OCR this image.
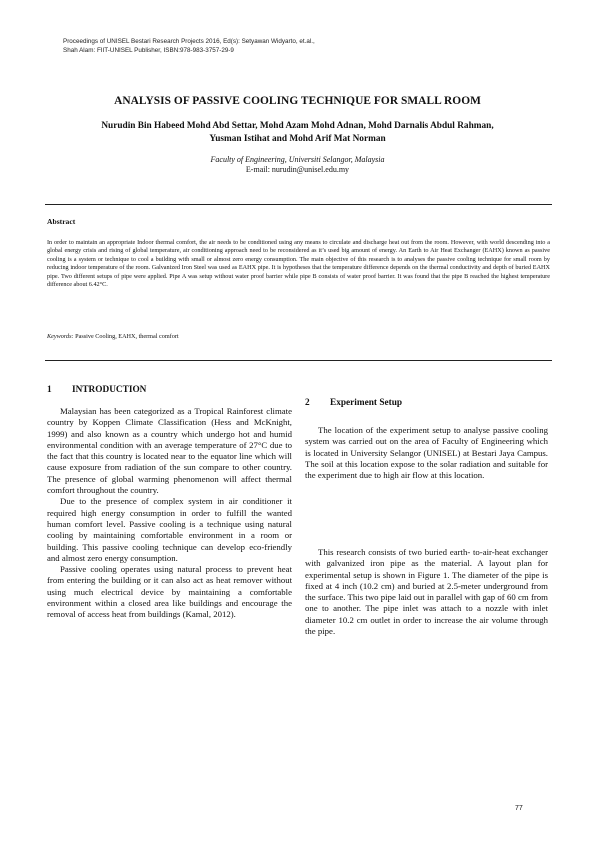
Proceedings of UNISEL Bestari Research Projects 2016, Ed(s): Setyawan Widyarto, et.al.,
Shah Alam: FIIT-UNISEL Publisher, ISBN:978-983-3757-29-9
ANALYSIS OF PASSIVE COOLING TECHNIQUE FOR SMALL ROOM
Nurudin Bin Habeed Mohd Abd Settar, Mohd Azam Mohd Adnan, Mohd Darnalis Abdul Rahman, Yusman Istihat and Mohd Arif Mat Norman
Faculty of Engineering, Universiti Selangor, Malaysia
E-mail: nurudin@unisel.edu.my
Abstract
In order to maintain an appropriate Indoor thermal comfort, the air needs to be conditioned using any means to circulate and discharge heat out from the room. However, with world descending into a global energy crisis and rising of global temperature, air conditioning approach need to be reconsidered as it’s used big amount of energy. An Earth to Air Heat Exchanger (EAHX) known as passive cooling is a system or technique to cool a building with small or almost zero energy consumption. The main objective of this research is to analyses the passive cooling technique for small room by reducing indoor temperature of the room. Galvanized Iron Steel was used as EAHX pipe. It is hypotheses that the temperature difference depends on the thermal conductivity and depth of buried EAHX pipe. Two different setups of pipe were applied. Pipe A was setup without water proof barrier while pipe B consists of water proof barrier. It was found that the pipe B reached the highest temperature difference about 6.42°C.
Keywords: Passive Cooling, EAHX, thermal comfort
1 INTRODUCTION

Malaysian has been categorized as a Tropical Rainforest climate country by Koppen Climate Classification (Hess and McKnight, 1999) and also known as a country which undergo hot and humid environmental condition with an average temperature of 27°C due to the fact that this country is located near to the equator line which will cause exposure from radiation of the sun compare to other country. The presence of global warming phenomenon will affect thermal comfort throughout the country.

Due to the presence of complex system in air conditioner it required high energy consumption in order to fulfill the wanted human comfort level. Passive cooling is a technique using natural cooling by maintaining comfortable environment in a room or building. This passive cooling technique can develop eco-friendly and almost zero energy consumption.

Passive cooling operates using natural process to prevent heat from entering the building or it can also act as heat remover without using much electrical device by maintaining a comfortable environment within a closed area like buildings and encourage the removal of access heat from buildings (Kamal, 2012).

2 Experiment Setup

The location of the experiment setup to analyse passive cooling system was carried out on the area of Faculty of Engineering which is located in University Selangor (UNISEL) at Bestari Jaya Campus. The soil at this location expose to the solar radiation and suitable for the experiment due to high air flow at this location.

This research consists of two buried earth- to-air-heat exchanger with galvanized iron pipe as the material. A layout plan for experimental setup is shown in Figure 1. The diameter of the pipe is fixed at 4 inch (10.2 cm) and buried at 2.5-meter underground from the surface. This two pipe laid out in parallel with gap of 60 cm from one to another. The pipe inlet was attach to a nozzle with inlet diameter 10.2 cm outlet in order to increase the air volume through the pipe.

77
